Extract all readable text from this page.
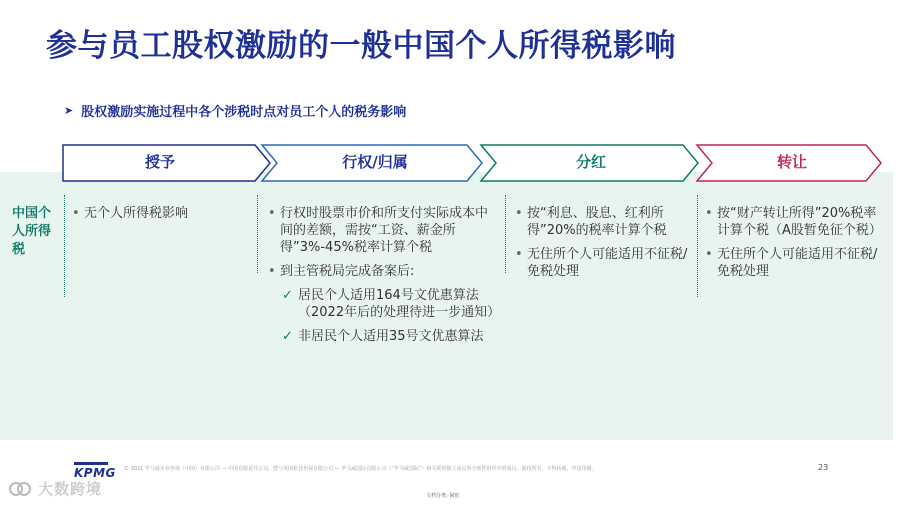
参与员工股权激励的一般中国个人所得税影响
➤ 股权激励实施过程中各个涉税时点对员工个人的税务影响
授予	行权/归属	分红	转让
中国个人所得税
• 无个人所得税影响
•	行权时股票市价和所支付实际成本中间的差额，需按“工资、薪金所得”3%-45%税率计算个税
• 到主管税局完成备案后:
✓ 居民个人适用164号文优惠算法（2022年后的处理待进一步通知）
✓ 非居民个人适用35号文优惠算法
• 按“利息、股息、红利所得”20%的税率计算个税
• 无住所个人可能适用不征税/免税处理
• 按“财产转让所得”20%税率计算个税（A股暂免征个税）
• 无住所个人可能适用不征税/免税处理
KPMG © 2021 毕马威企业咨询（中国）有限公司 — 中国有限责任公司，暨与英国私营担保有限公司 — 毕马威国际有限公司（“毕马威国际”）相关联的独立成员所全球性组织中的成员。版权所有，不得转载。中国印刷。	23
文档分类: 保密
大数跨境
